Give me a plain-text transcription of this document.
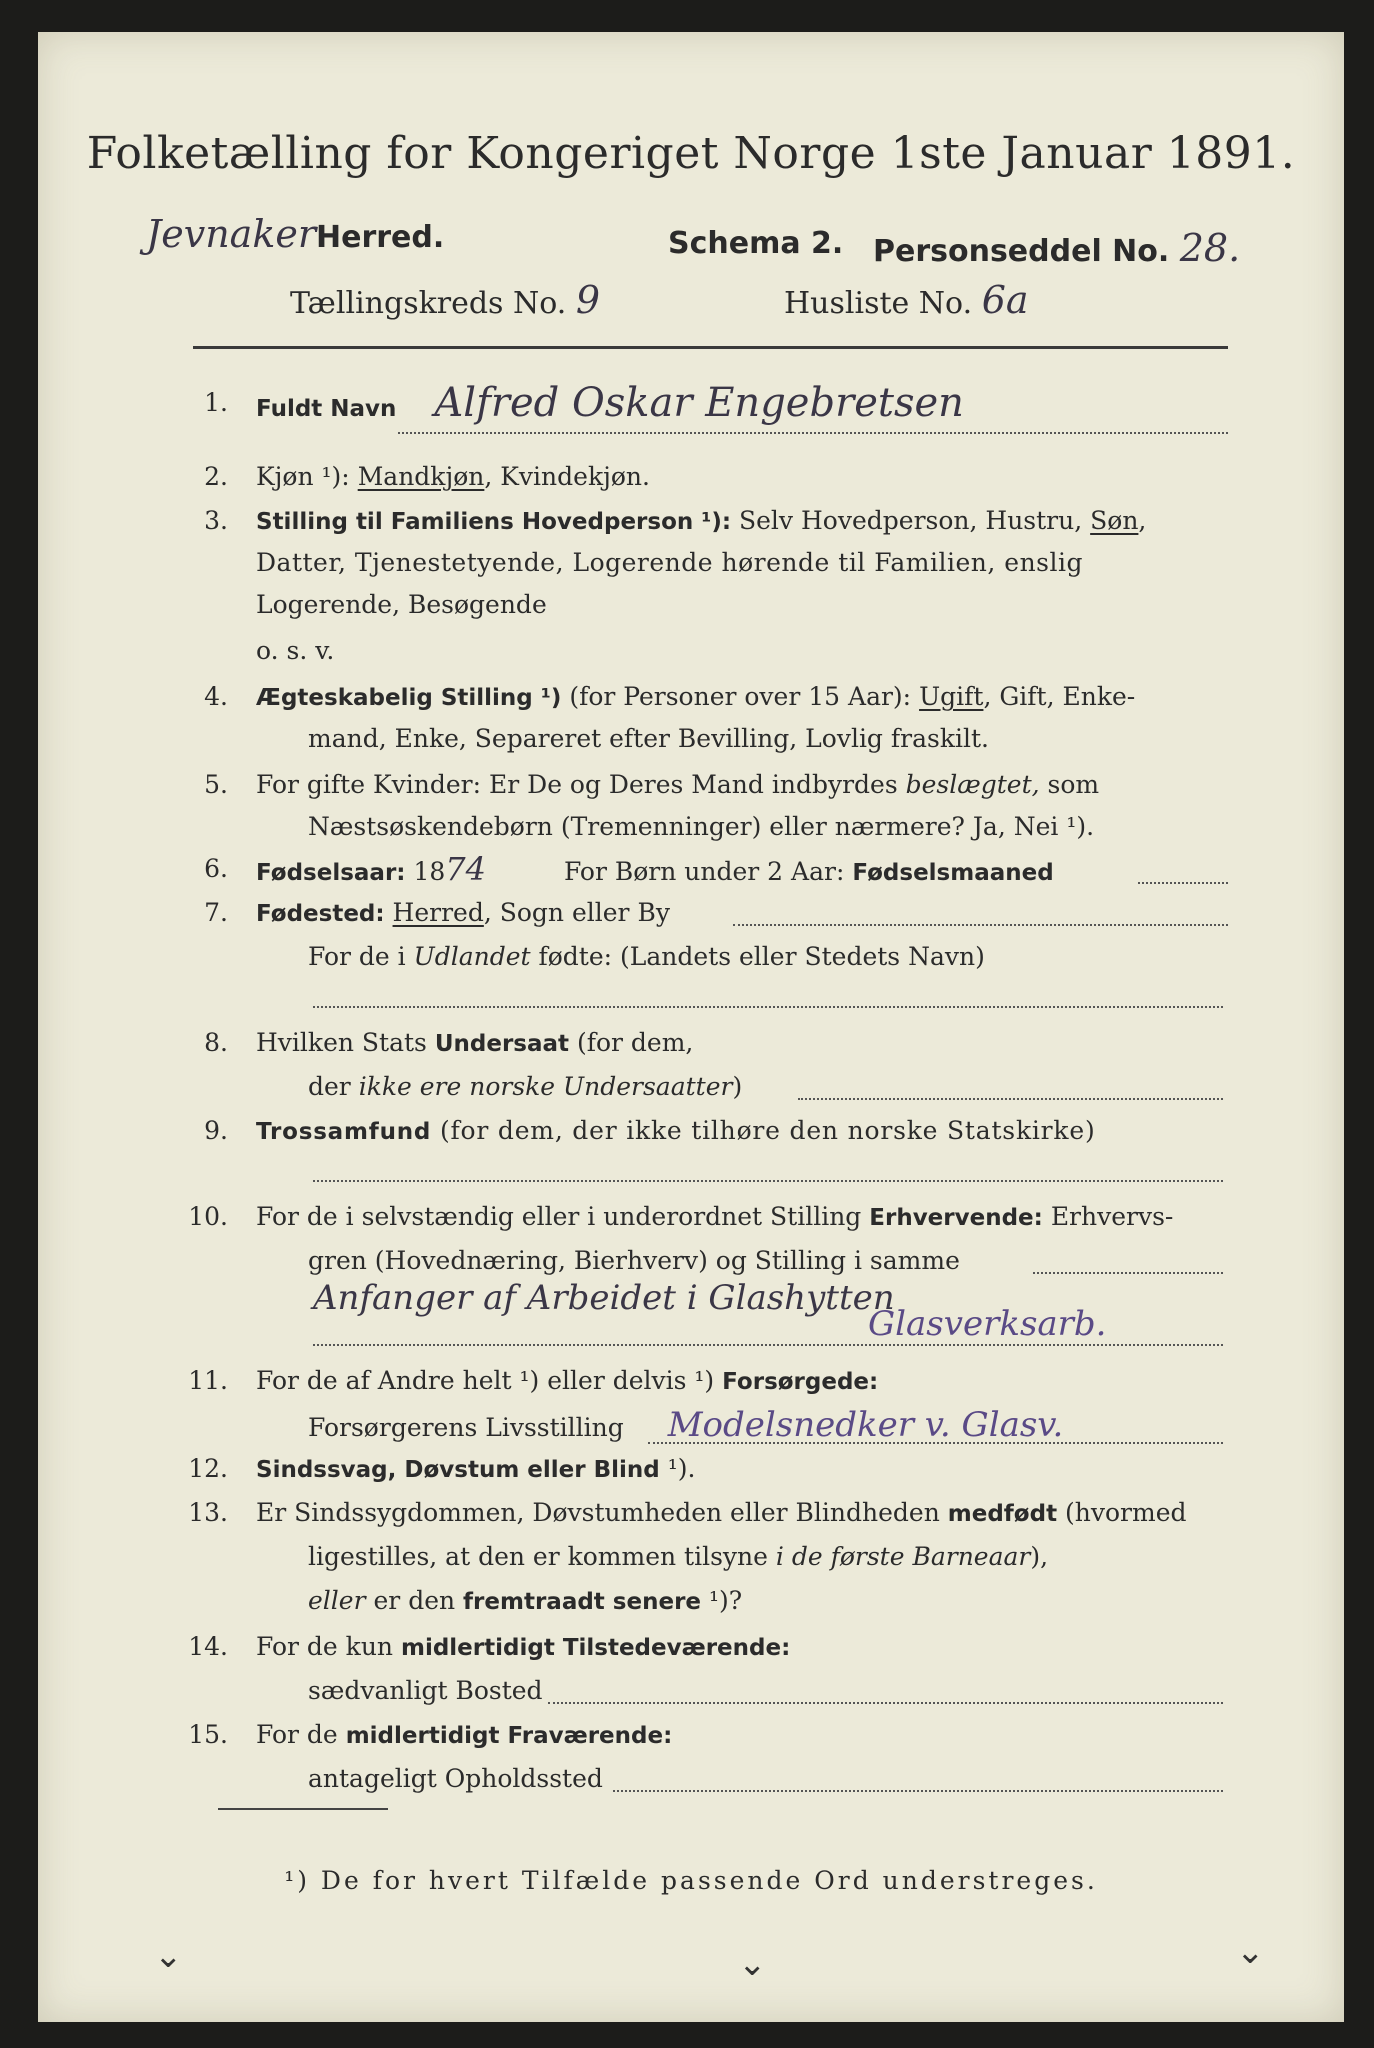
Folketælling for Kongeriget Norge 1ste Januar 1891.
JevnakerHerred.	Schema 2. Personseddel No. 28.
Tællingskreds No. 9	Husliste No. 6a
1. Fuldt Navn Alfred Oskar Engebretsen
2. Kjøn ¹): Mandkjøn, Kvindekjøn.
3. Stilling til Familiens Hovedperson ¹): Selv Hovedperson, Hustru, Søn,
Datter, Tjenestetyende, Logerende hørende til Familien, enslig
Logerende, Besøgende
o. s. v.
4. Ægteskabelig Stilling ¹) (for Personer over 15 Aar): Ugift, Gift, Enke-
mand, Enke, Separeret efter Bevilling, Lovlig fraskilt.
5. For gifte Kvinder: Er De og Deres Mand indbyrdes beslægtet, som
Næstsøskendebørn (Tremenninger) eller nærmere? Ja, Nei ¹).
6. Fødselsaar: 1874	For Børn under 2 Aar: Fødselsmaaned
7. Fødested: Herred, Sogn eller By
For de i Udlandet fødte: (Landets eller Stedets Navn)
8. Hvilken Stats Undersaat (for dem,
der ikke ere norske Undersaatter)
9. Trossamfund (for dem, der ikke tilhøre den norske Statskirke)
10. For de i selvstændig eller i underordnet Stilling Erhvervende: Erhvervs-
gren (Hovednæring, Bierhverv) og Stilling i samme
Anfanger af Arbeidet i Glashytten
Glasverksarb.
11. For de af Andre helt ¹) eller delvis ¹) Forsørgede:
Forsørgerens Livsstilling Modelsnedker v. Glasv.
12. Sindssvag, Døvstum eller Blind ¹).
13. Er Sindssygdommen, Døvstumheden eller Blindheden medfødt (hvormed
ligestilles, at den er kommen tilsyne i de første Barneaar),
eller er den fremtraadt senere ¹)?
14. For de kun midlertidigt Tilstedeværende:
sædvanligt Bosted
15. For de midlertidigt Fraværende:
antageligt Opholdssted
¹) De for hvert Tilfælde passende Ord understreges.
⌄	⌄	⌄
